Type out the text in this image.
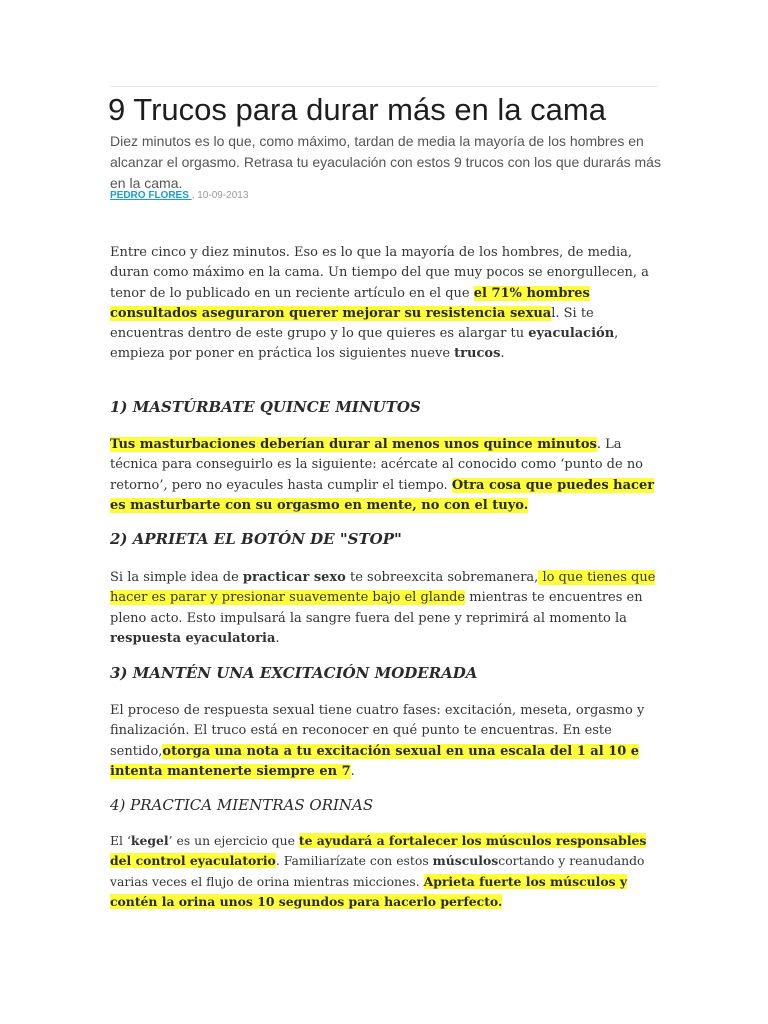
9 Trucos para durar más en la cama

Diez minutos es lo que, como máximo, tardan de media la mayoría de los hombres en alcanzar el orgasmo. Retrasa tu eyaculación con estos 9 trucos con los que durarás más en la cama.

PEDRO FLORES , 10-09-2013

Entre cinco y diez minutos. Eso es lo que la mayoría de los hombres, de media, duran como máximo en la cama. Un tiempo del que muy pocos se enorgullecen, a tenor de lo publicado en un reciente artículo en el que el 71% hombres consultados aseguraron querer mejorar su resistencia sexual. Si te encuentras dentro de este grupo y lo que quieres es alargar tu eyaculación, empieza por poner en práctica los siguientes nueve trucos.

1) MASTÚRBATE QUINCE MINUTOS

Tus masturbaciones deberían durar al menos unos quince minutos. La técnica para conseguirlo es la siguiente: acércate al conocido como ‘punto de no retorno’, pero no eyacules hasta cumplir el tiempo. Otra cosa que puedes hacer es masturbarte con su orgasmo en mente, no con el tuyo.

2) APRIETA EL BOTÓN DE "STOP"

Si la simple idea de practicar sexo te sobreexcita sobremanera, lo que tienes que hacer es parar y presionar suavemente bajo el glande mientras te encuentres en pleno acto. Esto impulsará la sangre fuera del pene y reprimirá al momento la respuesta eyaculatoria.

3) MANTÉN UNA EXCITACIÓN MODERADA

El proceso de respuesta sexual tiene cuatro fases: excitación, meseta, orgasmo y finalización. El truco está en reconocer en qué punto te encuentras. En este sentido,otorga una nota a tu excitación sexual en una escala del 1 al 10 e intenta mantenerte siempre en 7.

4) PRACTICA MIENTRAS ORINAS

El ‘kegel’ es un ejercicio que te ayudará a fortalecer los músculos responsables del control eyaculatorio. Familiarízate con estos músculoscortando y reanudando varias veces el flujo de orina mientras micciones. Aprieta fuerte los músculos y contén la orina unos 10 segundos para hacerlo perfecto.
